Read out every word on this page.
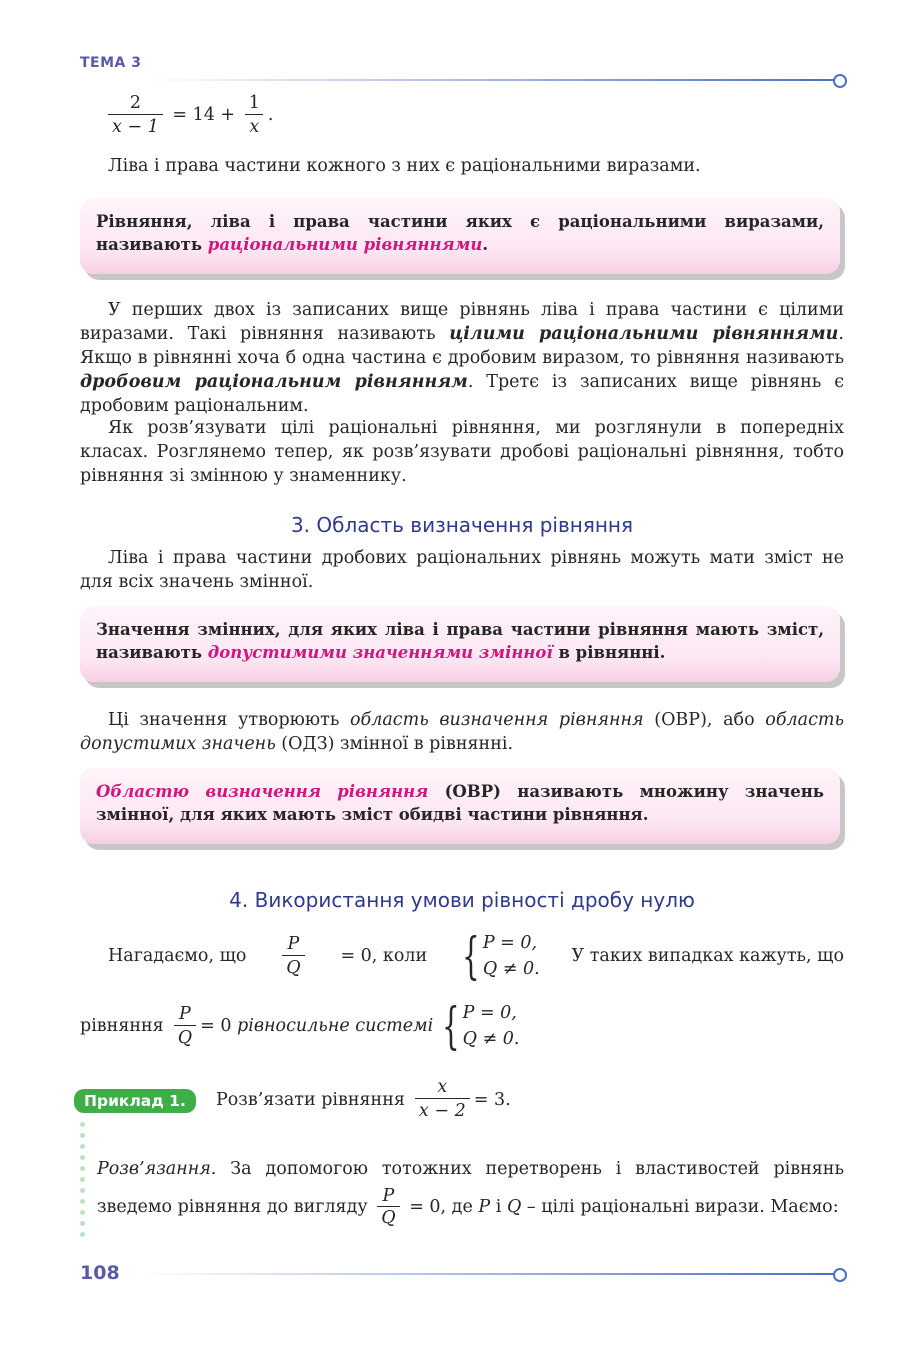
ТЕМА 3
$\frac{2}{x - 1} = 14 + \frac{1}{x}$ .
Ліва і права частини кожного з них є раціональними виразами.
Рівняння, ліва і права частини яких є раціональними виразами, називають раціональними рівняннями.
У перших двох із записаних вище рівнянь ліва і права частини є цілими виразами. Такі рівняння називають цілими раціональними рівняннями. Якщо в рівнянні хоча б одна частина є дробовим виразом, то рівняння називають дробовим раціональним рівнянням. Третє із записаних вище рівнянь є дробовим раціональним.
Як розв’язувати цілі раціональні рівняння, ми розглянули в попередніх класах. Розглянемо тепер, як розв’язувати дробові раціональні рівняння, тобто рівняння зі змінною у знаменнику.
3. Область визначення рівняння
Ліва і права частини дробових раціональних рівнянь можуть мати зміст не для всіх значень змінної.
Значення змінних, для яких ліва і права частини рівняння мають зміст, називають допустимими значеннями змінної в рівнянні.
Ці значення утворюють область визначення рівняння (ОВР), або область допустимих значень (ОДЗ) змінної в рівнянні.
Областю визначення рівняння (ОВР) називають множину значень змінної, для яких мають зміст обидві частини рівняння.
4. Використання умови рівності дробу нулю
Нагадаємо, що $\frac{P}{Q} = 0$, коли { P = 0,
Q ≠ 0.
У таких випадках кажуть, що
рівняння $\frac{P}{Q} = 0$
рівносильне системі
{ P = 0,
Q ≠ 0.
Приклад 1.	Розв’язати рівняння $\frac{x}{x - 2} = 3$.
Розв’язання. За допомогою тотожних перетворень і властивостей рівнянь зведемо рівняння до вигляду $\frac{P}{Q} = 0$, де P і Q – цілі раціональні вирази. Маємо:
108
